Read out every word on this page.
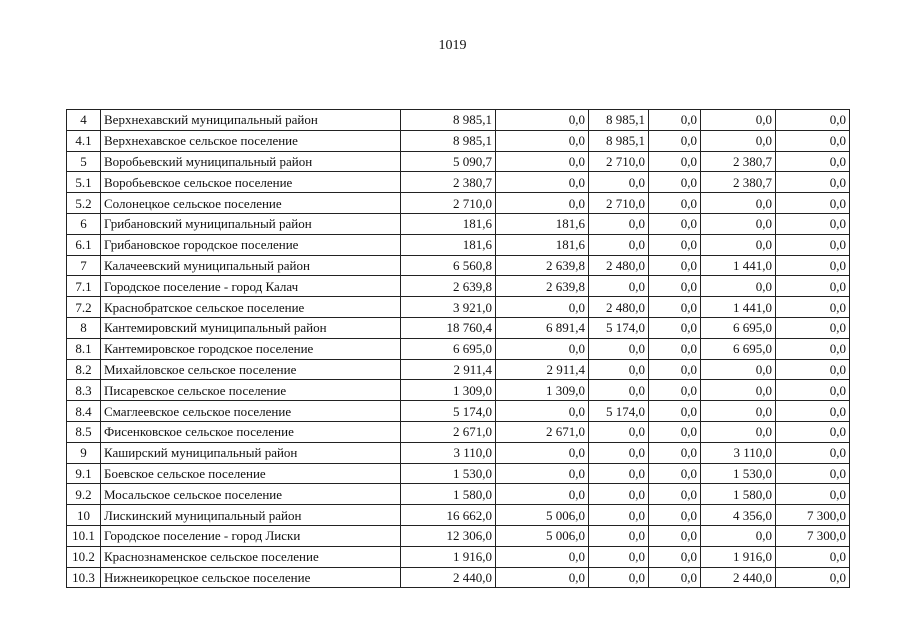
1019
4	Верхнехавский муниципальный район	8 985,1	0,0	8 985,1	0,0	0,0	0,0
4.1	Верхнехавское сельское поселение	8 985,1	0,0	8 985,1	0,0	0,0	0,0
5	Воробьевский муниципальный район	5 090,7	0,0	2 710,0	0,0	2 380,7	0,0
5.1	Воробьевское сельское поселение	2 380,7	0,0	0,0	0,0	2 380,7	0,0
5.2	Солонецкое сельское поселение	2 710,0	0,0	2 710,0	0,0	0,0	0,0
6	Грибановский муниципальный район	181,6	181,6	0,0	0,0	0,0	0,0
6.1	Грибановское городское поселение	181,6	181,6	0,0	0,0	0,0	0,0
7	Калачеевский муниципальный район	6 560,8	2 639,8	2 480,0	0,0	1 441,0	0,0
7.1	Городское поселение - город Калач	2 639,8	2 639,8	0,0	0,0	0,0	0,0
7.2	Краснобратское сельское поселение	3 921,0	0,0	2 480,0	0,0	1 441,0	0,0
8	Кантемировский муниципальный район	18 760,4	6 891,4	5 174,0	0,0	6 695,0	0,0
8.1	Кантемировское городское поселение	6 695,0	0,0	0,0	0,0	6 695,0	0,0
8.2	Михайловское сельское поселение	2 911,4	2 911,4	0,0	0,0	0,0	0,0
8.3	Писаревское сельское поселение	1 309,0	1 309,0	0,0	0,0	0,0	0,0
8.4	Смаглеевское сельское поселение	5 174,0	0,0	5 174,0	0,0	0,0	0,0
8.5	Фисенковское сельское поселение	2 671,0	2 671,0	0,0	0,0	0,0	0,0
9	Каширский муниципальный район	3 110,0	0,0	0,0	0,0	3 110,0	0,0
9.1	Боевское сельское поселение	1 530,0	0,0	0,0	0,0	1 530,0	0,0
9.2	Мосальское сельское поселение	1 580,0	0,0	0,0	0,0	1 580,0	0,0
10	Лискинский муниципальный район	16 662,0	5 006,0	0,0	0,0	4 356,0	7 300,0
10.1	Городское поселение - город Лиски	12 306,0	5 006,0	0,0	0,0	0,0	7 300,0
10.2	Краснознаменское сельское поселение	1 916,0	0,0	0,0	0,0	1 916,0	0,0
10.3	Нижнеикорецкое сельское поселение	2 440,0	0,0	0,0	0,0	2 440,0	0,0
